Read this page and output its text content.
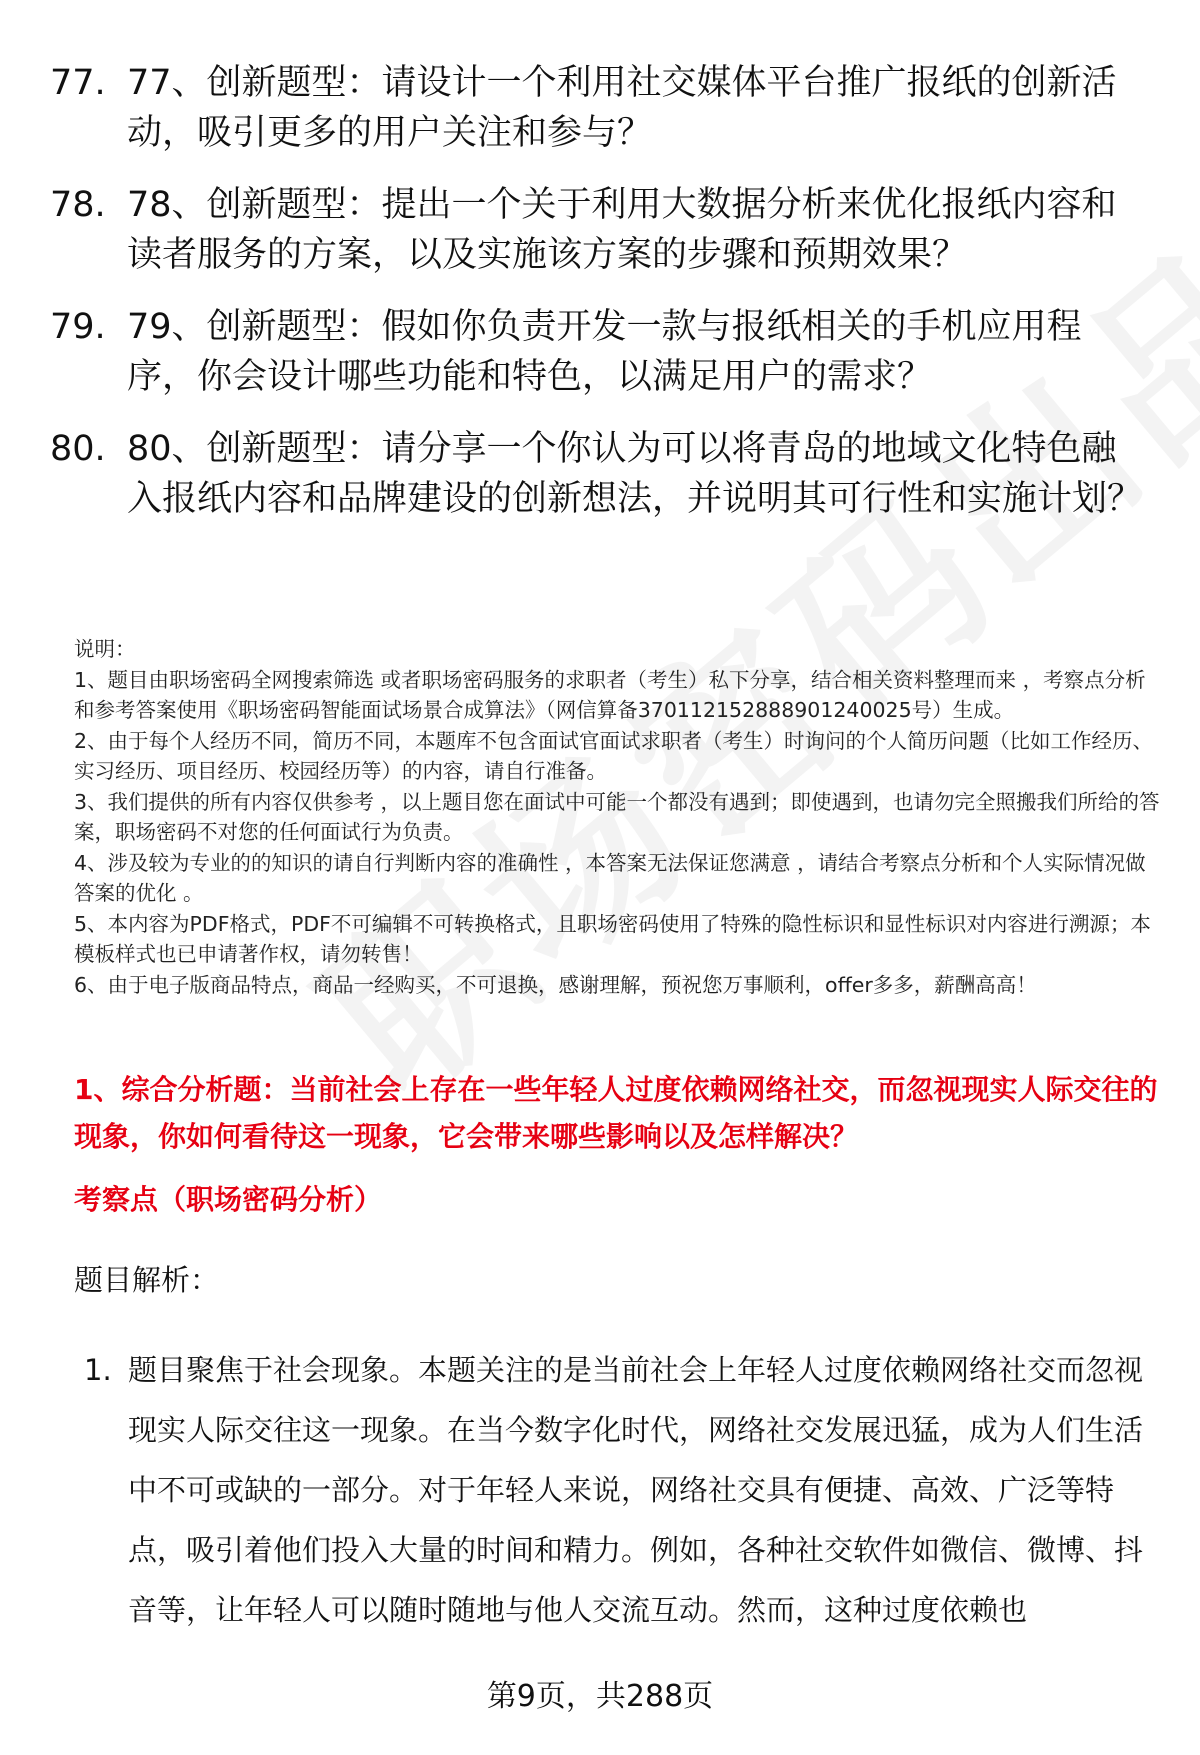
77. 77、创新题型：请设计一个利用社交媒体平台推广报纸的创新活动，吸引更多的用户关注和参与？
78. 78、创新题型：提出一个关于利用大数据分析来优化报纸内容和读者服务的方案，以及实施该方案的步骤和预期效果？
79. 79、创新题型：假如你负责开发一款与报纸相关的手机应用程序，你会设计哪些功能和特色，以满足用户的需求？
80. 80、创新题型：请分享一个你认为可以将青岛的地域文化特色融入报纸内容和品牌建设的创新想法，并说明其可行性和实施计划？

说明：

1、题目由职场密码全网搜索筛选 或者职场密码服务的求职者（考生）私下分享，结合相关资料整理而来 ，考察点分析和参考答案使用《职场密码智能面试场景合成算法》（网信算备370112152888901240025号）生成。

2、由于每个人经历不同，简历不同，本题库不包含面试官面试求职者（考生）时询问的个人简历问题（比如工作经历、实习经历、项目经历、校园经历等）的内容，请自行准备。

3、我们提供的所有内容仅供参考 ，以上题目您在面试中可能一个都没有遇到；即使遇到，也请勿完全照搬我们所给的答案，职场密码不对您的任何面试行为负责。

4、涉及较为专业的的知识的请自行判断内容的准确性 ，本答案无法保证您满意 ，请结合考察点分析和个人实际情况做答案的优化 。

5、本内容为PDF格式，PDF不可编辑不可转换格式，且职场密码使用了特殊的隐性标识和显性标识对内容进行溯源；本模板样式也已申请著作权，请勿转售！

6、由于电子版商品特点，商品一经购买，不可退换，感谢理解，预祝您万事顺利，offer多多，薪酬高高！

1、综合分析题：当前社会上存在一些年轻人过度依赖网络社交，而忽视现实人际交往的现象，你如何看待这一现象，它会带来哪些影响以及怎样解决？
考察点（职场密码分析）
题目解析：
1. 题目聚焦于社会现象。本题关注的是当前社会上年轻人过度依赖网络社交而忽视现实人际交往这一现象。在当今数字化时代，网络社交发展迅猛，成为人们生活中不可或缺的一部分。对于年轻人来说，网络社交具有便捷、高效、广泛等特点，吸引着他们投入大量的时间和精力。例如，各种社交软件如微信、微博、抖音等，让年轻人可以随时随地与他人交流互动。然而，这种过度依赖也
第9页，共288页
